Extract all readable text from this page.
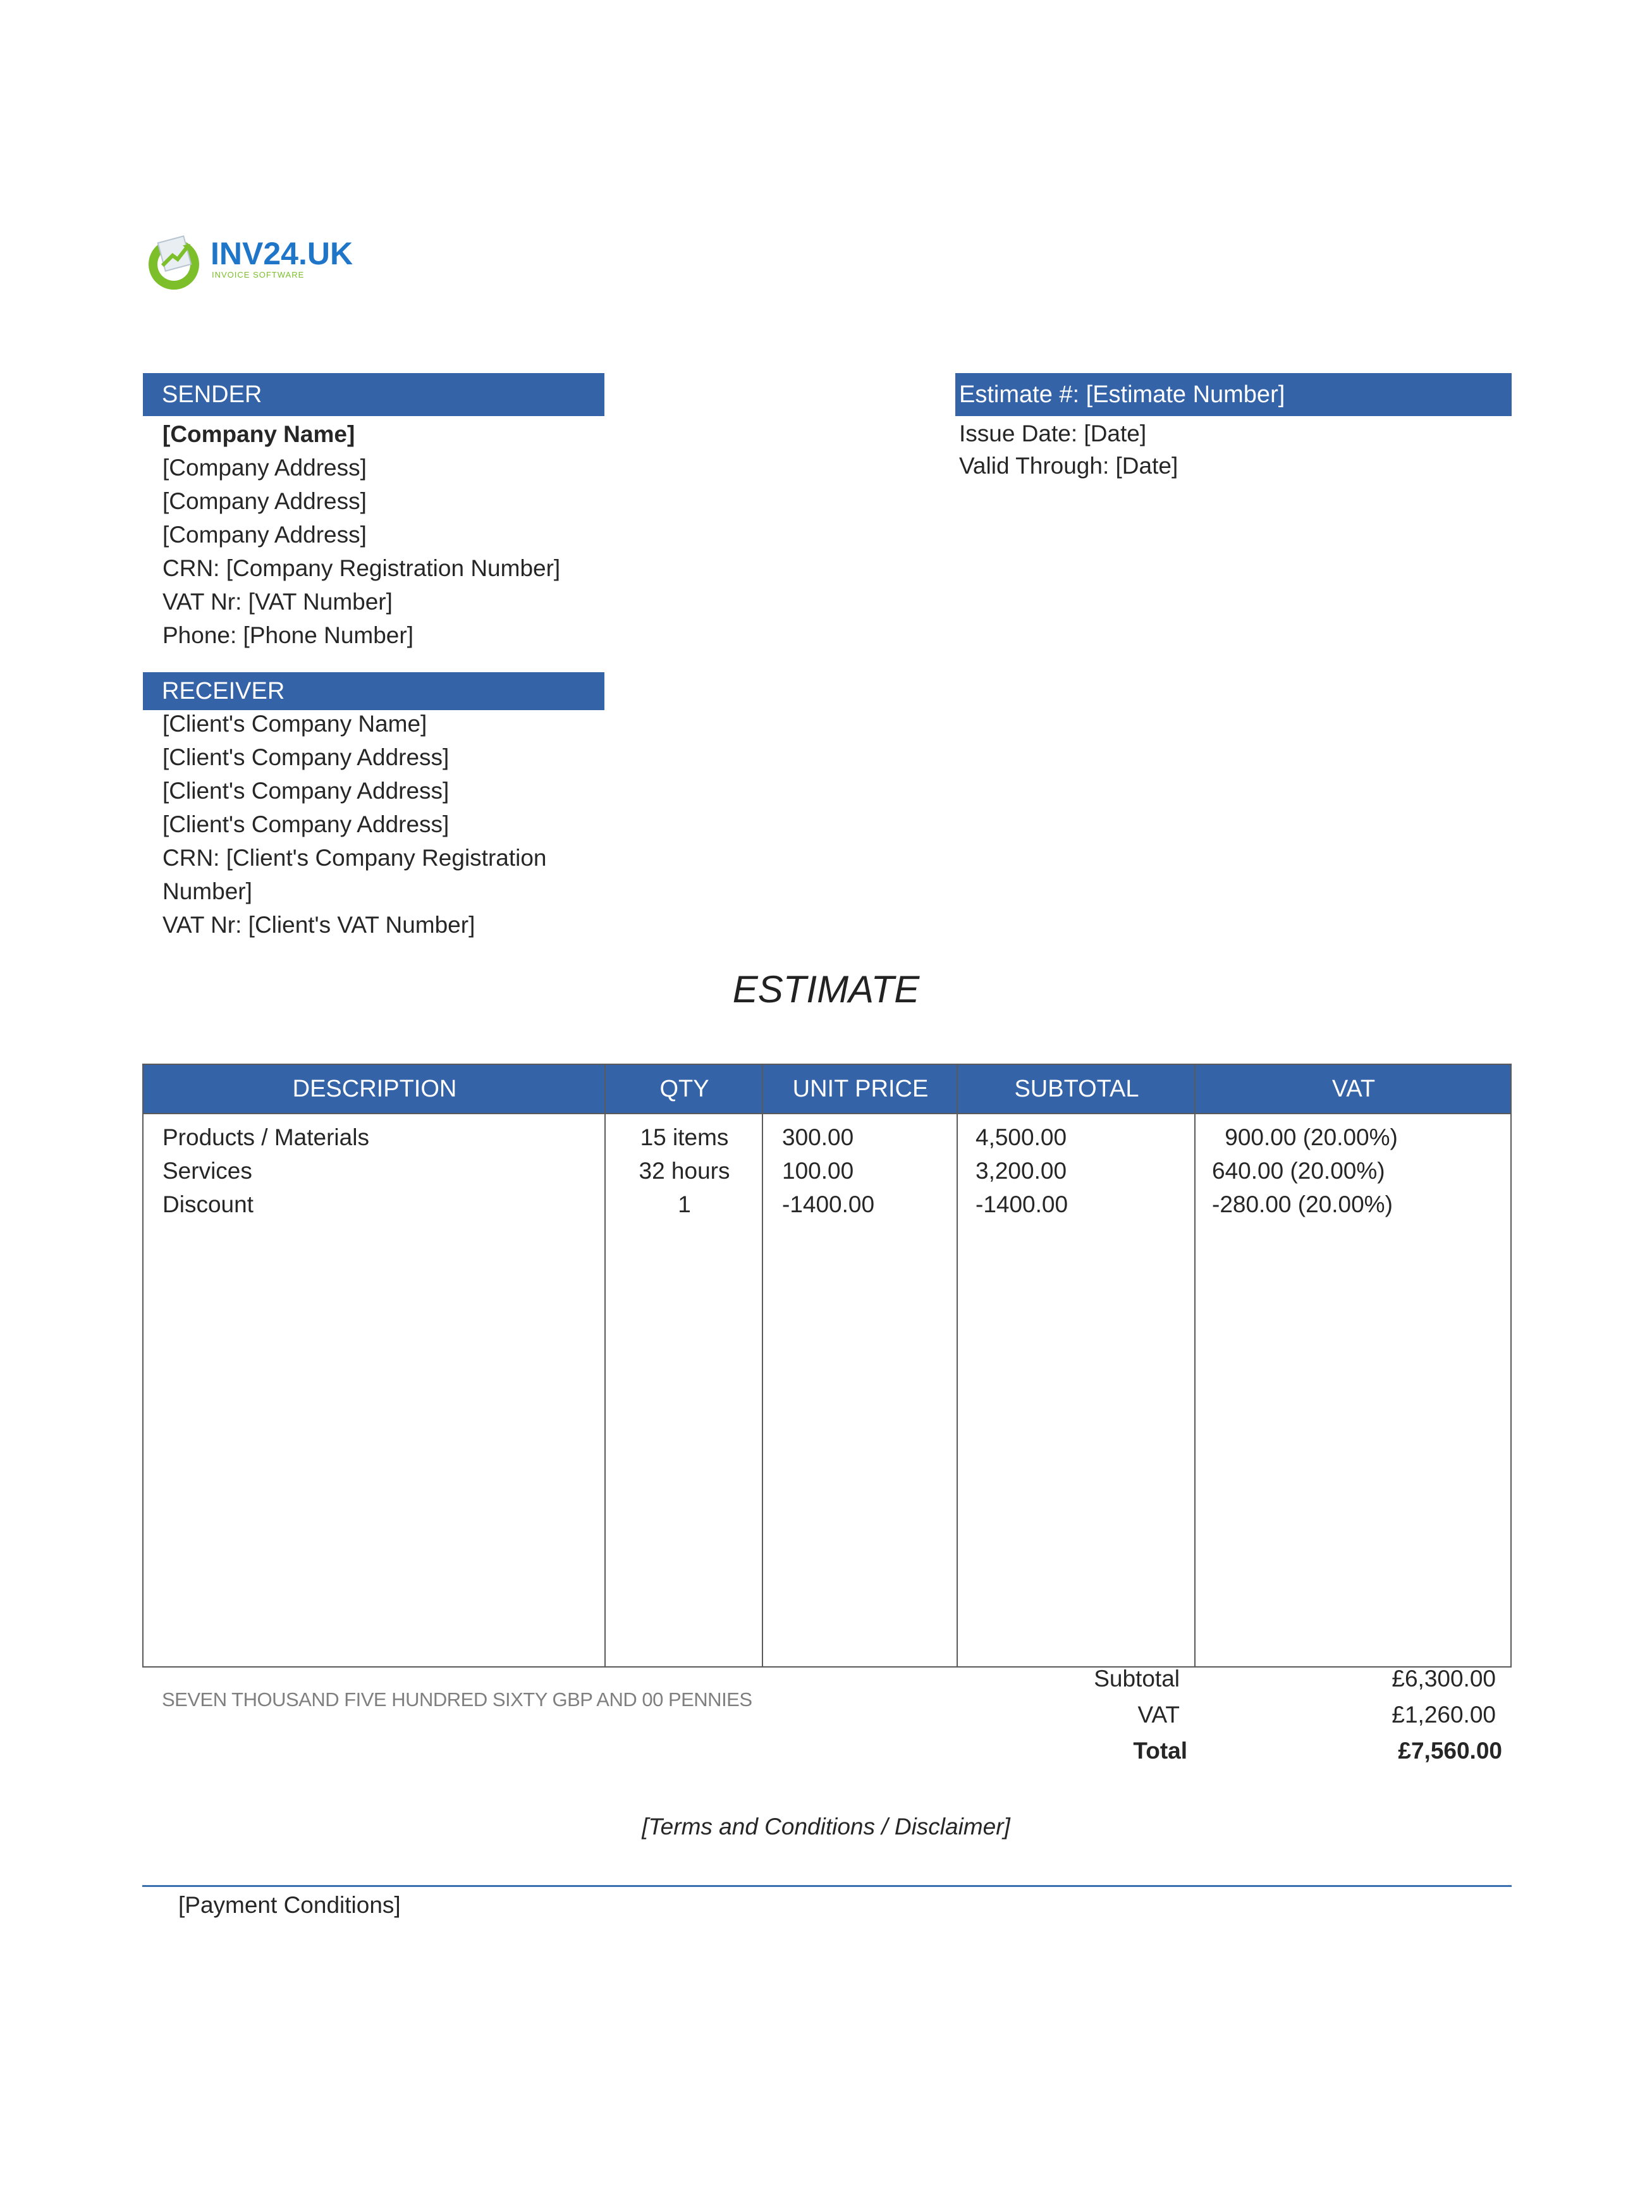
INV24.UK
INVOICE SOFTWARE
SENDER
[Company Name]
[Company Address]
[Company Address]
[Company Address]
CRN: [Company Registration Number]
VAT Nr: [VAT Number]
Phone: [Phone Number]
Estimate #: [Estimate Number]
Issue Date: [Date]
Valid Through: [Date]
RECEIVER
[Client's Company Name]
[Client's Company Address]
[Client's Company Address]
[Client's Company Address]
CRN: [Client's Company Registration
Number]
VAT Nr: [Client's VAT Number]
ESTIMATE
DESCRIPTION	QTY	UNIT PRICE	SUBTOTAL	VAT
Products / Materials	15 items	300.00	4,500.00	900.00 (20.00%)
Services	32 hours	100.00	3,200.00	640.00 (20.00%)
Discount	1	-1400.00	-1400.00	-280.00 (20.00%)
SEVEN THOUSAND FIVE HUNDRED SIXTY GBP AND 00 PENNIES
Subtotal	£6,300.00
VAT	£1,260.00
Total	£7,560.00
[Terms and Conditions / Disclaimer]
[Payment Conditions]
